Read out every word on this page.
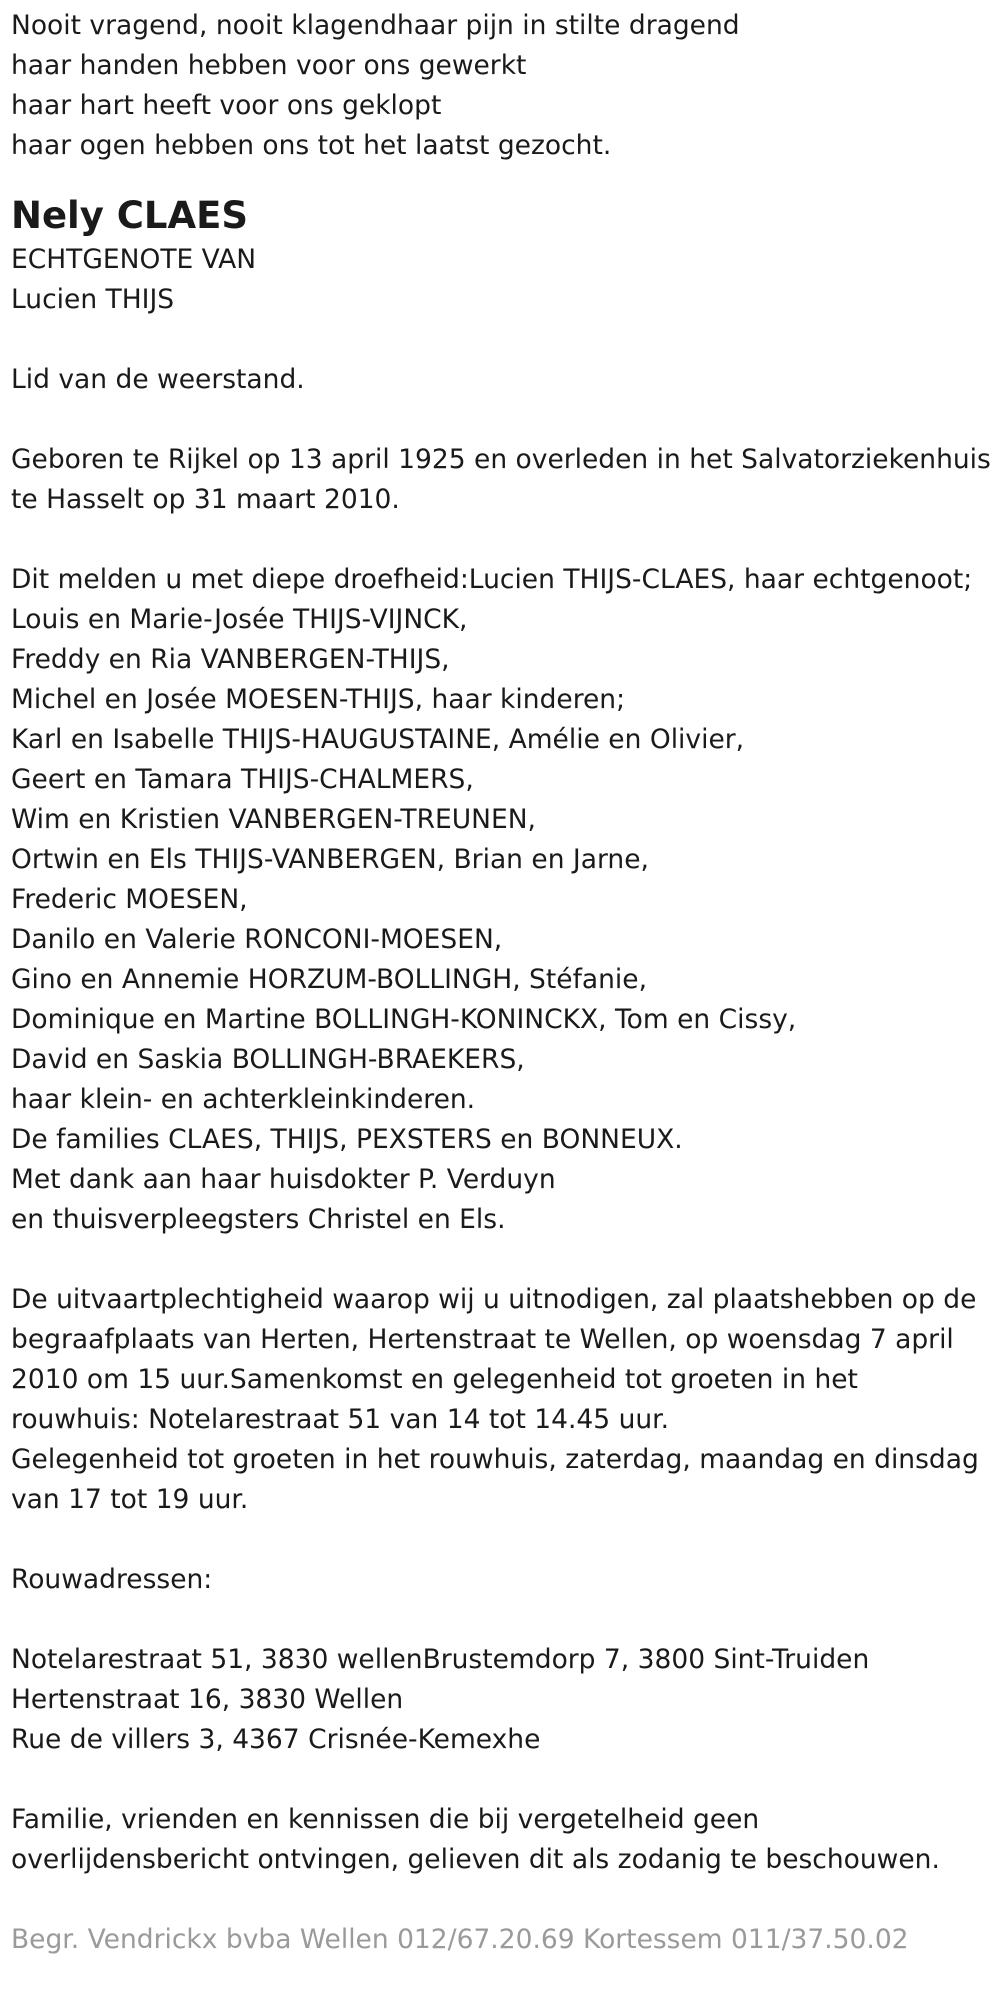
Nooit vragend, nooit klagendhaar pijn in stilte dragend
haar handen hebben voor ons gewerkt
haar hart heeft voor ons geklopt
haar ogen hebben ons tot het laatst gezocht.
Nely CLAES
ECHTGENOTE VAN
Lucien THIJS
Lid van de weerstand.
Geboren te Rijkel op 13 april 1925 en overleden in het Salvatorziekenhuis
te Hasselt op 31 maart 2010.
Dit melden u met diepe droefheid:Lucien THIJS-CLAES, haar echtgenoot;
Louis en Marie-Josée THIJS-VIJNCK,
Freddy en Ria VANBERGEN-THIJS,
Michel en Josée MOESEN-THIJS, haar kinderen;
Karl en Isabelle THIJS-HAUGUSTAINE, Amélie en Olivier,
Geert en Tamara THIJS-CHALMERS,
Wim en Kristien VANBERGEN-TREUNEN,
Ortwin en Els THIJS-VANBERGEN, Brian en Jarne,
Frederic MOESEN,
Danilo en Valerie RONCONI-MOESEN,
Gino en Annemie HORZUM-BOLLINGH, Stéfanie,
Dominique en Martine BOLLINGH-KONINCKX, Tom en Cissy,
David en Saskia BOLLINGH-BRAEKERS,
haar klein- en achterkleinkinderen.
De families CLAES, THIJS, PEXSTERS en BONNEUX.
Met dank aan haar huisdokter P. Verduyn
en thuisverpleegsters Christel en Els.
De uitvaartplechtigheid waarop wij u uitnodigen, zal plaatshebben op de
begraafplaats van Herten, Hertenstraat te Wellen, op woensdag 7 april
2010 om 15 uur.Samenkomst en gelegenheid tot groeten in het
rouwhuis: Notelarestraat 51 van 14 tot 14.45 uur.
Gelegenheid tot groeten in het rouwhuis, zaterdag, maandag en dinsdag
van 17 tot 19 uur.
Rouwadressen:
Notelarestraat 51, 3830 wellenBrustemdorp 7, 3800 Sint-Truiden
Hertenstraat 16, 3830 Wellen
Rue de villers 3, 4367 Crisnée-Kemexhe
Familie, vrienden en kennissen die bij vergetelheid geen
overlijdensbericht ontvingen, gelieven dit als zodanig te beschouwen.
Begr. Vendrickx bvba Wellen 012/67.20.69 Kortessem 011/37.50.02
